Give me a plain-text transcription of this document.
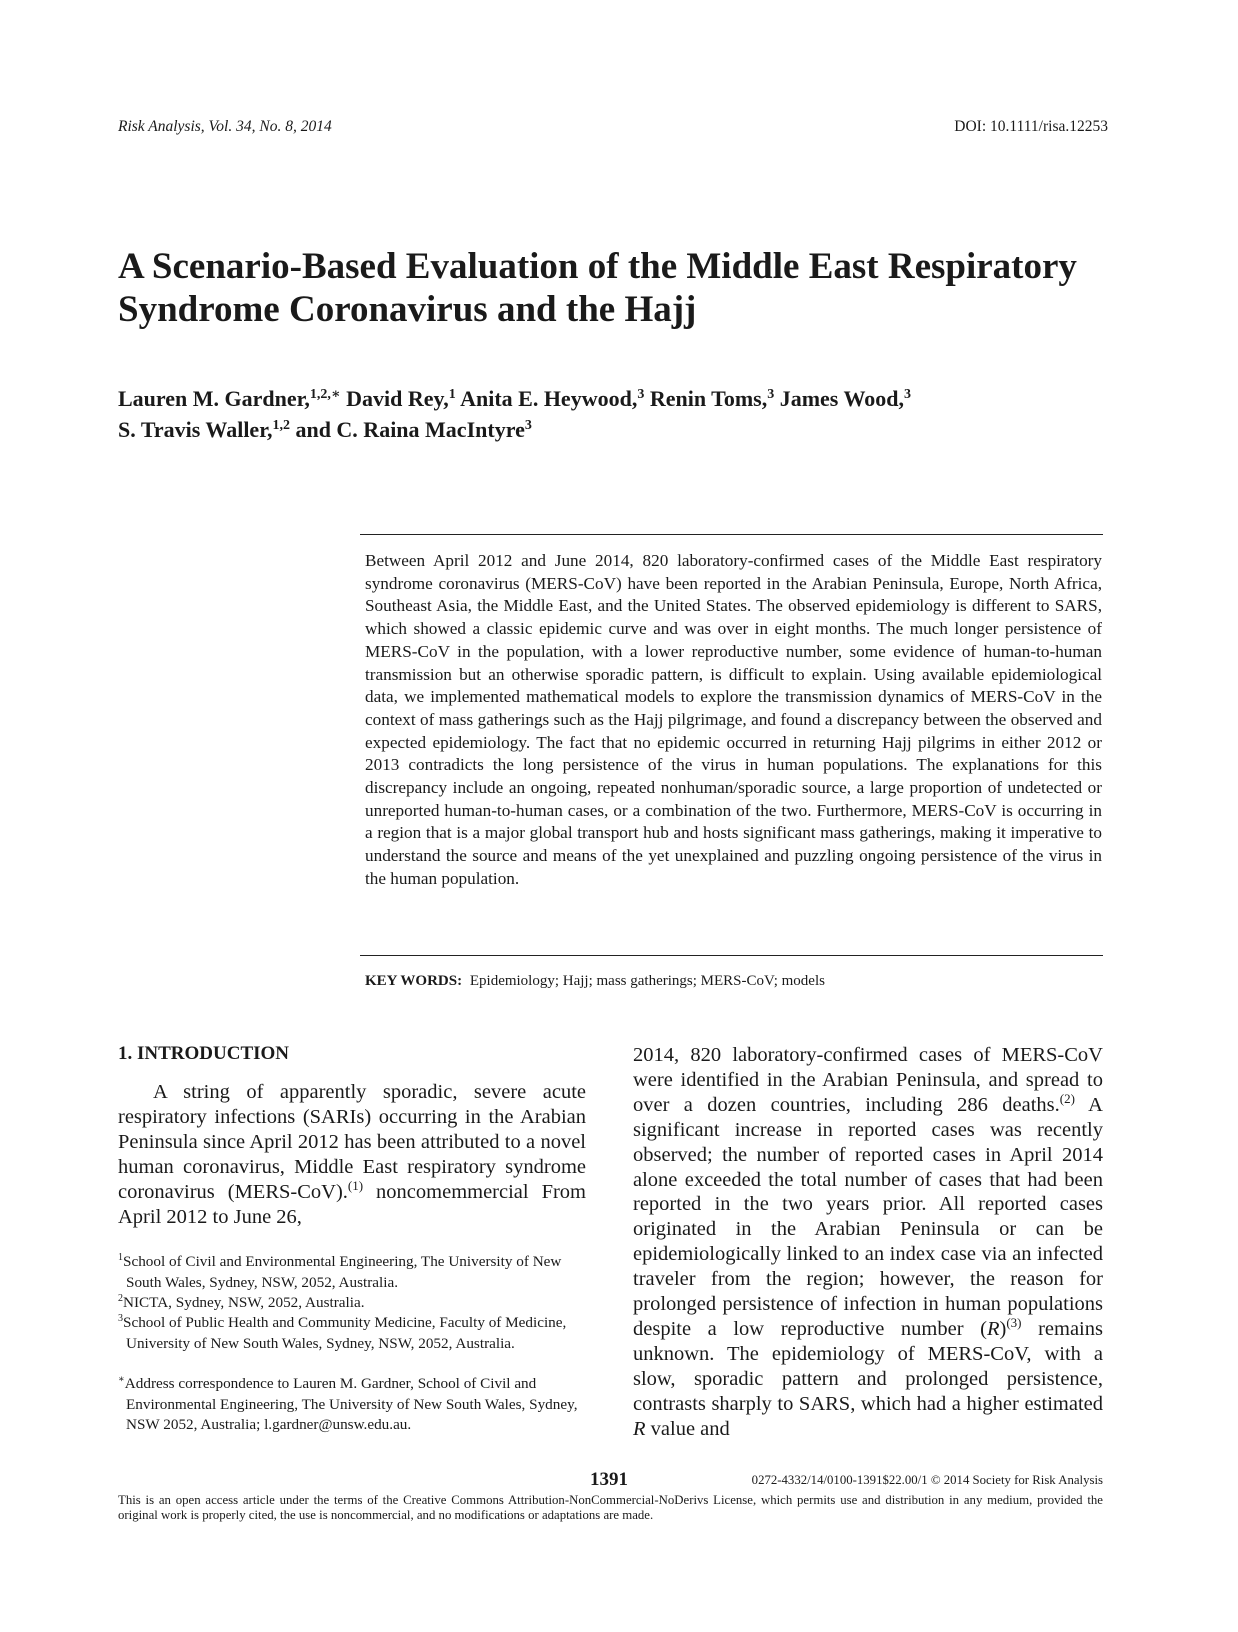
Risk Analysis, Vol. 34, No. 8, 2014	DOI: 10.1111/risa.12253
A Scenario-Based Evaluation of the Middle East Respiratory
Syndrome Coronavirus and the Hajj
Lauren M. Gardner,$^{1,2,∗}$ David Rey,$^1$ Anita E. Heywood,$^3$ Renin Toms,$^3$ James Wood,$^3$
S. Travis Waller,$^{1,2}$ and C. Raina MacIntyre$^3$
Between April 2012 and June 2014, 820 laboratory-confirmed cases of the Middle East respiratory syndrome coronavirus (MERS-CoV) have been reported in the Arabian Peninsula, Europe, North Africa, Southeast Asia, the Middle East, and the United States. The observed epidemiology is different to SARS, which showed a classic epidemic curve and was over in eight months. The much longer persistence of MERS-CoV in the population, with a lower reproductive number, some evidence of human-to-human transmission but an otherwise sporadic pattern, is difficult to explain. Using available epidemiological data, we implemented mathematical models to explore the transmission dynamics of MERS-CoV in the context of mass gatherings such as the Hajj pilgrimage, and found a discrepancy between the observed and expected epidemiology. The fact that no epidemic occurred in returning Hajj pilgrims in either 2012 or 2013 contradicts the long persistence of the virus in human populations. The explanations for this discrepancy include an ongoing, repeated nonhuman/sporadic source, a large proportion of undetected or unreported human-to-human cases, or a combination of the two. Furthermore, MERS-CoV is occurring in a region that is a major global transport hub and hosts significant mass gatherings, making it imperative to understand the source and means of the yet unexplained and puzzling ongoing persistence of the virus in the human population.
KEY WORDS: Epidemiology; Hajj; mass gatherings; MERS-CoV; models
1. INTRODUCTION
A string of apparently sporadic, severe acute respiratory infections (SARIs) occurring in the Arabian Peninsula since April 2012 has been attributed to a novel human coronavirus, Middle East respiratory syndrome coronavirus (MERS-CoV).$^{(1)}$ noncomemmercial From April 2012 to June 26,
2014, 820 laboratory-confirmed cases of MERS-CoV were identified in the Arabian Peninsula, and spread to over a dozen countries, including 286 deaths.$^{(2)}$ A significant increase in reported cases was recently observed; the number of reported cases in April 2014 alone exceeded the total number of cases that had been reported in the two years prior. All reported cases originated in the Arabian Peninsula or can be epidemiologically linked to an index case via an infected traveler from the region; however, the reason for prolonged persistence of infection in human populations despite a low reproductive number $(R)^{(3)}$ remains unknown. The epidemiology of MERS-CoV, with a slow, sporadic pattern and prolonged persistence, contrasts sharply to SARS, which had a higher estimated R value and
$^1$School of Civil and Environmental Engineering, The University of New South Wales, Sydney, NSW, 2052, Australia.
$^2$NICTA, Sydney, NSW, 2052, Australia.
$^3$School of Public Health and Community Medicine, Faculty of Medicine, University of New South Wales, Sydney, NSW, 2052, Australia.
∗Address correspondence to Lauren M. Gardner, School of Civil and Environmental Engineering, The University of New South Wales, Sydney, NSW 2052, Australia; l.gardner@unsw.edu.au.
1391	0272-4332/14/0100-1391$22.00/1 © 2014 Society for Risk Analysis
This is an open access article under the terms of the Creative Commons Attribution-NonCommercial-NoDerivs License, which permits use and distribution in any medium, provided the original work is properly cited, the use is noncommercial, and no modifications or adaptations are made.
